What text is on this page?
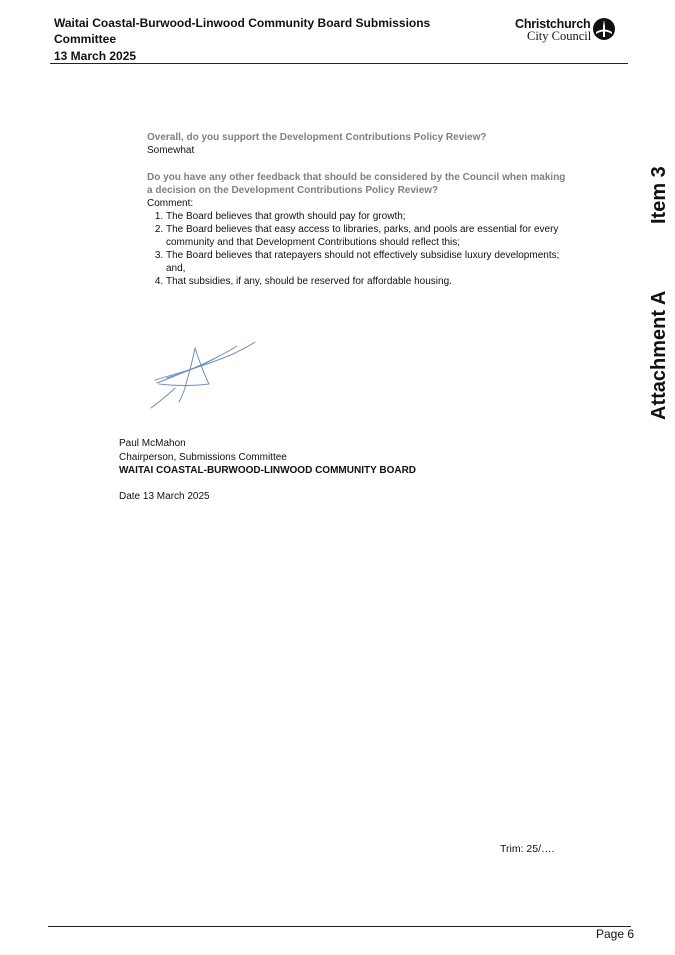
Waitai Coastal-Burwood-Linwood Community Board Submissions Committee
13 March 2025
Christchurch
City Council
Item 3
Attachment A
Overall, do you support the Development Contributions Policy Review?
Somewhat
Do you have any other feedback that should be considered by the Council when making a decision on the Development Contributions Policy Review?
Comment:
1. The Board believes that growth should pay for growth;
2. The Board believes that easy access to libraries, parks, and pools are essential for every community and that Development Contributions should reflect this;
3. The Board believes that ratepayers should not effectively subsidise luxury developments; and,
4. That subsidies, if any, should be reserved for affordable housing.
Paul McMahon
Chairperson, Submissions Committee
WAITAI COASTAL-BURWOOD-LINWOOD COMMUNITY BOARD
Date 13 March 2025
Trim: 25/….
Page 6
